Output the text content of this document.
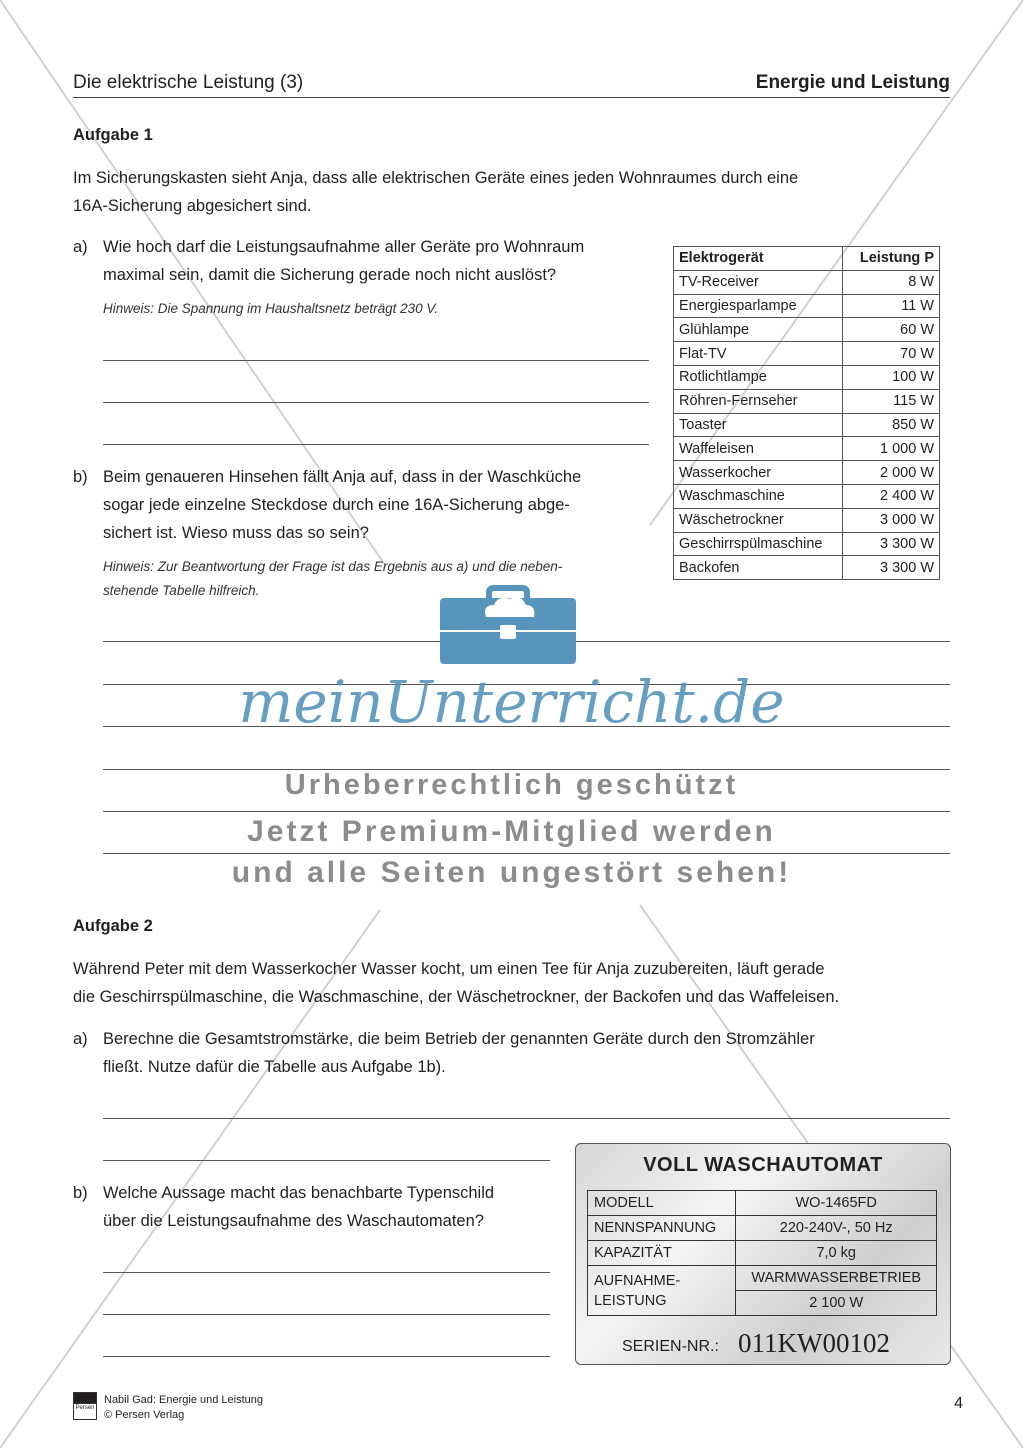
Die elektrische Leistung (3)	Energie und Leistung
Aufgabe 1
Im Sicherungskasten sieht Anja, dass alle elektrischen Geräte eines jeden Wohnraumes durch eine
16A-Sicherung abgesichert sind.
a) Wie hoch darf die Leistungsaufnahme aller Geräte pro Wohnraum
maximal sein, damit die Sicherung gerade noch nicht auslöst?
Hinweis: Die Spannung im Haushaltsnetz beträgt 230 V.
b) Beim genaueren Hinsehen fällt Anja auf, dass in der Waschküche
sogar jede einzelne Steckdose durch eine 16A-Sicherung abge-
sichert ist. Wieso muss das so sein?
Hinweis: Zur Beantwortung der Frage ist das Ergebnis aus a) und die neben-
stehende Tabelle hilfreich.
Elektrogerät	Leistung P
TV-Receiver	8 W
Energiesparlampe	11 W
Glühlampe	60 W
Flat-TV	70 W
Rotlichtlampe	100 W
Röhren-Fernseher	115 W
Toaster	850 W
Waffeleisen	1 000 W
Wasserkocher	2 000 W
Waschmaschine	2 400 W
Wäschetrockner	3 000 W
Geschirrspülmaschine	3 300 W
Backofen	3 300 W
meinUnterricht.de
Urheberrechtlich geschützt
Jetzt Premium-Mitglied werden
und alle Seiten ungestört sehen!
Aufgabe 2
Während Peter mit dem Wasserkocher Wasser kocht, um einen Tee für Anja zuzubereiten, läuft gerade
die Geschirrspülmaschine, die Waschmaschine, der Wäschetrockner, der Backofen und das Waffeleisen.
a) Berechne die Gesamtstromstärke, die beim Betrieb der genannten Geräte durch den Stromzähler
fließt. Nutze dafür die Tabelle aus Aufgabe 1b).
b) Welche Aussage macht das benachbarte Typenschild
über die Leistungsaufnahme des Waschautomaten?
VOLL WASCHAUTOMAT
MODELL	WO-1465FD
NENNSPANNUNG	220-240V-, 50 Hz
KAPAZITÄT	7,0 kg

AUFNAHME-
LEISTUNG	WARMWASSERBETRIEB
	2 100 W
SERIEN-NR.: 011KW00102
Persen
Nabil Gad: Energie und Leistung
© Persen Verlag
4
